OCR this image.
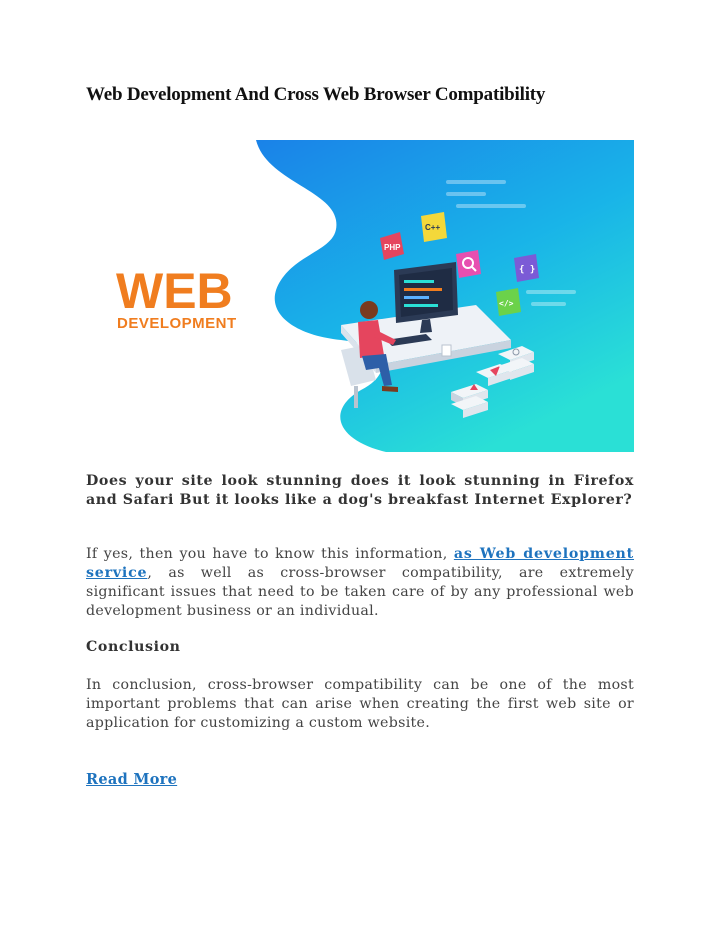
Web Development And Cross Web Browser Compatibility
WEB
DEVELOPMENT
PHP
C++
{ }
</>
Does your site look stunning does it look stunning in Firefox and Safari But it looks like a dog's breakfast Internet Explorer?
If yes, then you have to know this information, as Web development service, as well as cross-browser compatibility, are extremely significant issues that need to be taken care of by any professional web development business or an individual.
Conclusion
In conclusion, cross-browser compatibility can be one of the most important problems that can arise when creating the first web site or application for customizing a custom website.
Read More
